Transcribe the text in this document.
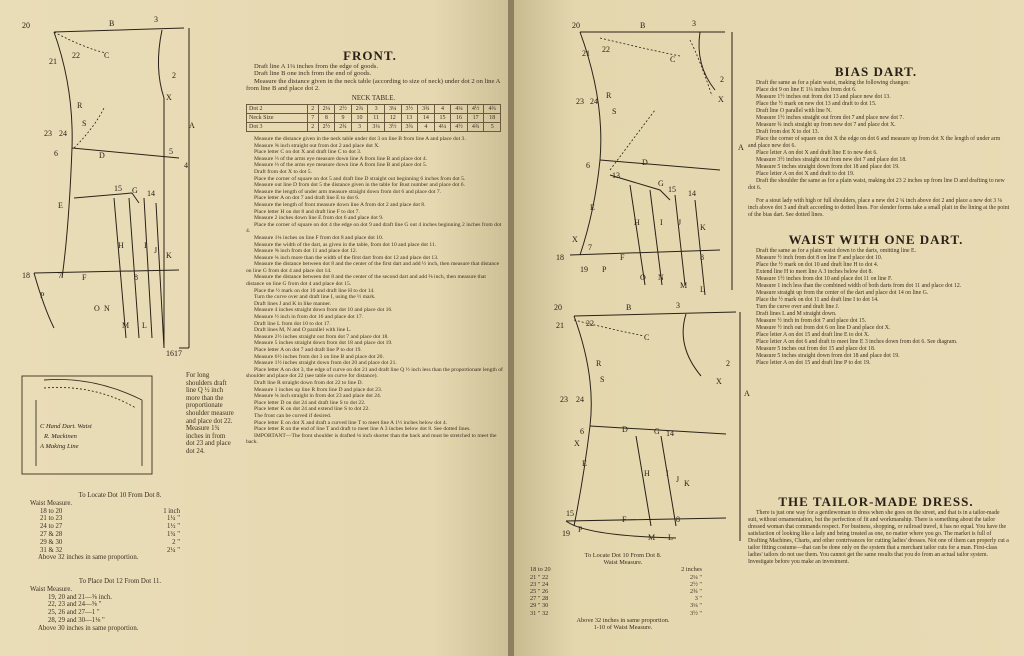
20	B	3
21
22	C
2
X
R
S
23 24
A
6	D	5
4
15 G 14
E
H	I
J
K
18	7	F	8
P
O N
M L
1617
C Hand Dart. Waist
R. Mackinen
A Making Line
For long shoulders draft line Q ½ inch more than the proportionate shoulder measure and place dot 22. Measure 1¾ inches in from dot 23 and place dot 24.
FRONT.

Draft line A 1¼ inches from the edge of goods.

Draft line B one inch from the end of goods.

Measure the distance given in the neck table (according to size of neck) under dot 2 on line A from line B and place dot 2.

NECK TABLE.
Dot 2	2	2¼	2½	2¾	3	3¼	3½	3¾	4	4¼	4½	4¾
Neck Size	7	8	9	10	11	12	13	14	15	16	17	18
Dot 3	2	2½	2¾	3	3¼	3½	3¾	4	4¼	4½	4¾	5

Measure the distance given in the neck table under dot 3 on line B from line A and place dot 3.

Measure ⅝ inch straight out from dot 2 and place dot X.

Place letter C on dot X and draft line C to dot 3.

Measure ⅔ of the arms eye measure down line A from line B and place dot 4.

Measure ⅓ of the arms eye measure down line A from line B and place dot 5.

Draft from dot X to dot 5.

Place the corner of square on dot 5 and draft line D straight out beginning 6 inches from dot 5.

Measure out line D from dot 5 the distance given in the table for Bust number and place dot 6.

Measure the length of under arm measure straight down from dot 6 and place dot 7.

Place letter A on dot 7 and draft line E to dot 6.

Measure the length of front measure down line A from dot 2 and place dot 8.

Place letter H on dot 8 and draft line F to dot 7.

Measure 2 inches down line E from dot 6 and place dot 9.

Place the corner of square on dot 4 the edge on dot 9 and draft line G out 4 inches beginning 2 inches from dot 4.

Measure 1¾ inches on line F from dot 8 and place dot 10.

Measure the width of the dart, as given in the table, from dot 10 and place dot 11.

Measure ⅝ inch from dot 11 and place dot 12.

Measure ¾ inch more than the width of the first dart from dot 12 and place dot 13.

Measure the distance between dot 8 and the center of the first dart and add ½ inch, then measure that distance on line G from dot 4 and place dot 14.

Measure the distance between dot 8 and the center of the second dart and add ⅜ inch, then measure that distance on line G from dot 4 and place dot 15.

Place the ½ mark on dot 10 and draft line H to dot 14.

Turn the curve over and draft line I, using the ½ mark.

Draft lines J and K in like manner.

Measure 4 inches straight down from dot 10 and place dot 16.

Measure ½ inch in from dot 16 and place dot 17.

Draft line L from dot 10 to dot 17.

Draft lines M, N and O parallel with line L.

Measure 2½ inches straight out from dot 7 and place dot 18.

Measure 5 inches straight down from dot 18 and place dot 19.

Place letter A on dot 7 and draft line P to dot 19.

Measure 6½ inches from dot 3 on line B and place dot 20.

Measure 1½ inches straight down from dot 20 and place dot 21.

Place letter A on dot 3, the edge of curve on dot 21 and draft line Q ½ inch less than the proportionate length of shoulder and place dot 22 (see table on curve for distance).

Draft line R straight down from dot 22 to line D.

Measure 1 inches up line R from line D and place dot 23.

Measure ¾ inch straight in from dot 23 and place dot 24.

Place letter D on dot 24 and draft line S to dot 22.

Place letter K on dot 24 and extend line S to dot 22.

The front can be curved if desired.

Place letter E on dot X and draft a curved line T to meet line A 1½ inches below dot 4.

Place letter R on the end of line T and draft to meet line A 3 inches below dot 8. See dotted lines.

IMPORTANT—The front shoulder is drafted ⅛ inch shorter than the back and must be stretched to meet the back.

To Locate Dot 10 From Dot 8.
Waist Measure.
18 to 20	1 inch
21 to 23	1¼ "
24 to 27	1½ "
27 & 28	1¾ "
29 & 30	2 "
31 & 32	2¼ "
Above 32 inches in same proportion.
To Place Dot 12 From Dot 11.
Waist Measure.
19, 20 and 21—⅜ inch.
22, 23 and 24—⅝ "
25, 26 and 27—1 "
28, 29 and 30—1⅛ "
Above 30 inches in same proportion.
20	B	3
21 22
C
2
X
R
S
23 24
6	D
13
G
15 14
A
E
H	I J
K
7
X
18	F	8
19 P
O N
M L
20	B	3
21	22
C
2
X
R
S
23 24
A
6	D	G 14
H I
J K
X
E
15
F	8
19 P
M L
BIAS DART.

Draft the same as for a plain waist, making the following changes:

Place dot 9 on line E 1¼ inches from dot 6.

Measure 1½ inches out from dot 13 and place new dot 13.

Place the ½ mark on new dot 13 and draft to dot 15.

Draft line O parallel with line N.

Measure 1½ inches straight out from dot 7 and place new dot 7.

Measure ¾ inch straight up from new dot 7 and place dot X.

Draft from dot X to dot 13.

Place the corner of square on dot X the edge on dot 6 and measure up from dot X the length of under arm and place new dot 6.

Place letter A on dot X and draft line E to new dot 6.

Measure 3½ inches straight out from new dot 7 and place dot 18.

Measure 5 inches straight down from dot 18 and place dot 19.

Place letter A on dot X and draft to dot 19.

Draft the shoulder the same as for a plain waist, making dot 23 2 inches up from line D and drafting to new dot 6.

For a stout lady with high or full shoulders, place a new dot 2 ¼ inch above dot 2 and place a new dot 3 ⅛ inch above dot 3 and draft according to dotted lines. For slender forms take a small plait in the lining at the point of the bias dart. See dotted lines.

WAIST WITH ONE DART.

Draft the same as for a plain waist down to the darts, omitting line E.

Measure ½ inch from dot 8 on line F and place dot 10.

Place the ½ mark on dot 10 and draft line H to dot 4.

Extend line H to meet line A 3 inches below dot 8.

Measure 1½ inches from dot 10 and place dot 11 on line F.

Measure 1 inch less than the combined width of both darts from dot 11 and place dot 12.

Measure straight up from the center of the dart and place dot 14 on line G.

Place the ½ mark on dot 11 and draft line I to dot 14.

Turn the curve over and draft line J.

Draft lines L and M straight down.

Measure ½ inch in from dot 7 and place dot 15.

Measure ½ inch out from dot 6 on line D and place dot X.

Place letter A on dot 15 and draft line E to dot X.

Place letter A on dot 6 and draft to meet line E 3 inches down from dot 6. See diagram.

Measure 5 inches out from dot 15 and place dot 18.

Measure 5 inches straight down from dot 18 and place dot 19.

Place letter A on dot 15 and draft line P to dot 19.

THE TAILOR-MADE DRESS.

There is just one way for a gentlewoman to dress when she goes on the street, and that is in a tailor-made suit, without ornamentation, but the perfection of fit and workmanship. There is something about the tailor dressed woman that commands respect. For business, shopping, or railroad travel, it has no equal. You have the satisfaction of looking like a lady and being treated as one, no matter where you go. The market is full of Drafting Machines, Charts, and other contrivances for cutting ladies' dresses. Not one of them can properly cut a tailor fitting costume—that can be done only on the system that a merchant tailor cuts for a man. First-class ladies' tailors do not use them. You cannot get the same results that you do from an actual tailor system. Investigate before you make an investment.

To Locate Dot 10 From Dot 8.
Waist Measure.
18 to 20	2 inches
21 " 22	2¼ "
23 " 24	2½ "
25 " 26	2¾ "
27 " 28	3 "
29 " 30	3¼ "
31 " 32	3½ "
Above 32 inches in same proportion.
1-10 of Waist Measure.
